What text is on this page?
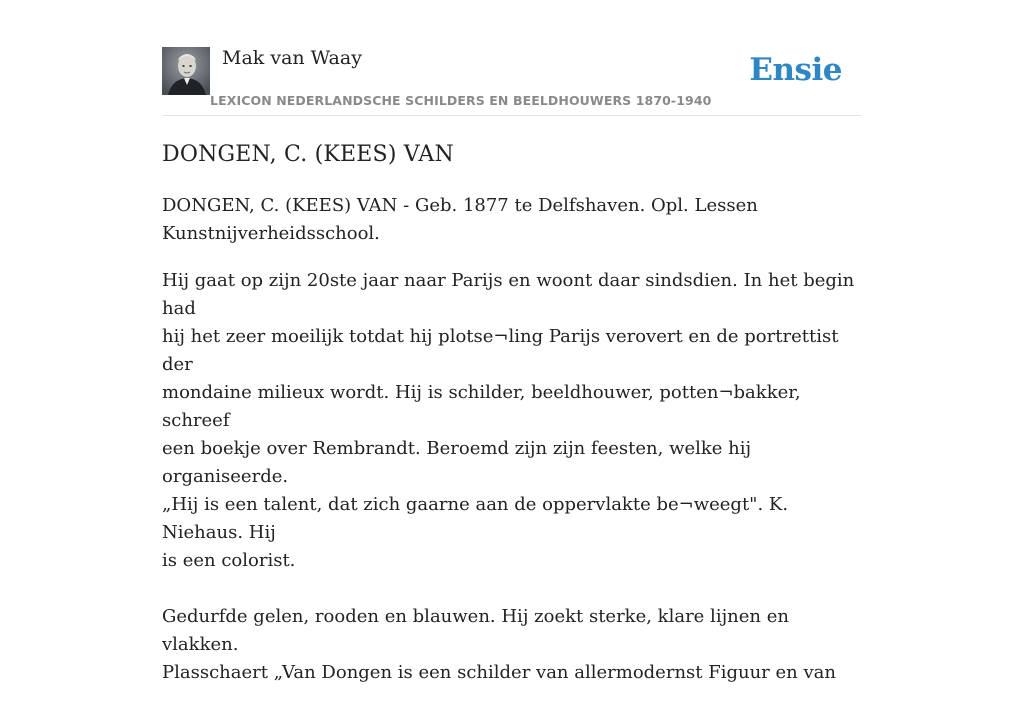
Mak van Waay
LEXICON NEDERLANDSCHE SCHILDERS EN BEELDHOUWERS 1870-1940
Ensie
DONGEN, C. (KEES) VAN

DONGEN, C. (KEES) VAN - Geb. 1877 te Delfshaven. Opl. Lessen
Kunstnijverheidsschool.

Hij gaat op zijn 20ste jaar naar Parijs en woont daar sindsdien. In het begin had
hij het zeer moeilijk totdat hij plotse¬ling Parijs verovert en de portrettist der
mondaine milieux wordt. Hij is schilder, beeldhouwer, potten¬bakker, schreef
een boekje over Rembrandt. Beroemd zijn zijn feesten, welke hij organiseerde.
„Hij is een talent, dat zich gaarne aan de oppervlakte be¬weegt". K. Niehaus. Hij
is een colorist.

Gedurfde gelen, rooden en blauwen. Hij zoekt sterke, klare lijnen en vlakken.
Plasschaert „Van Dongen is een schilder van allermodernst Figuur en van
